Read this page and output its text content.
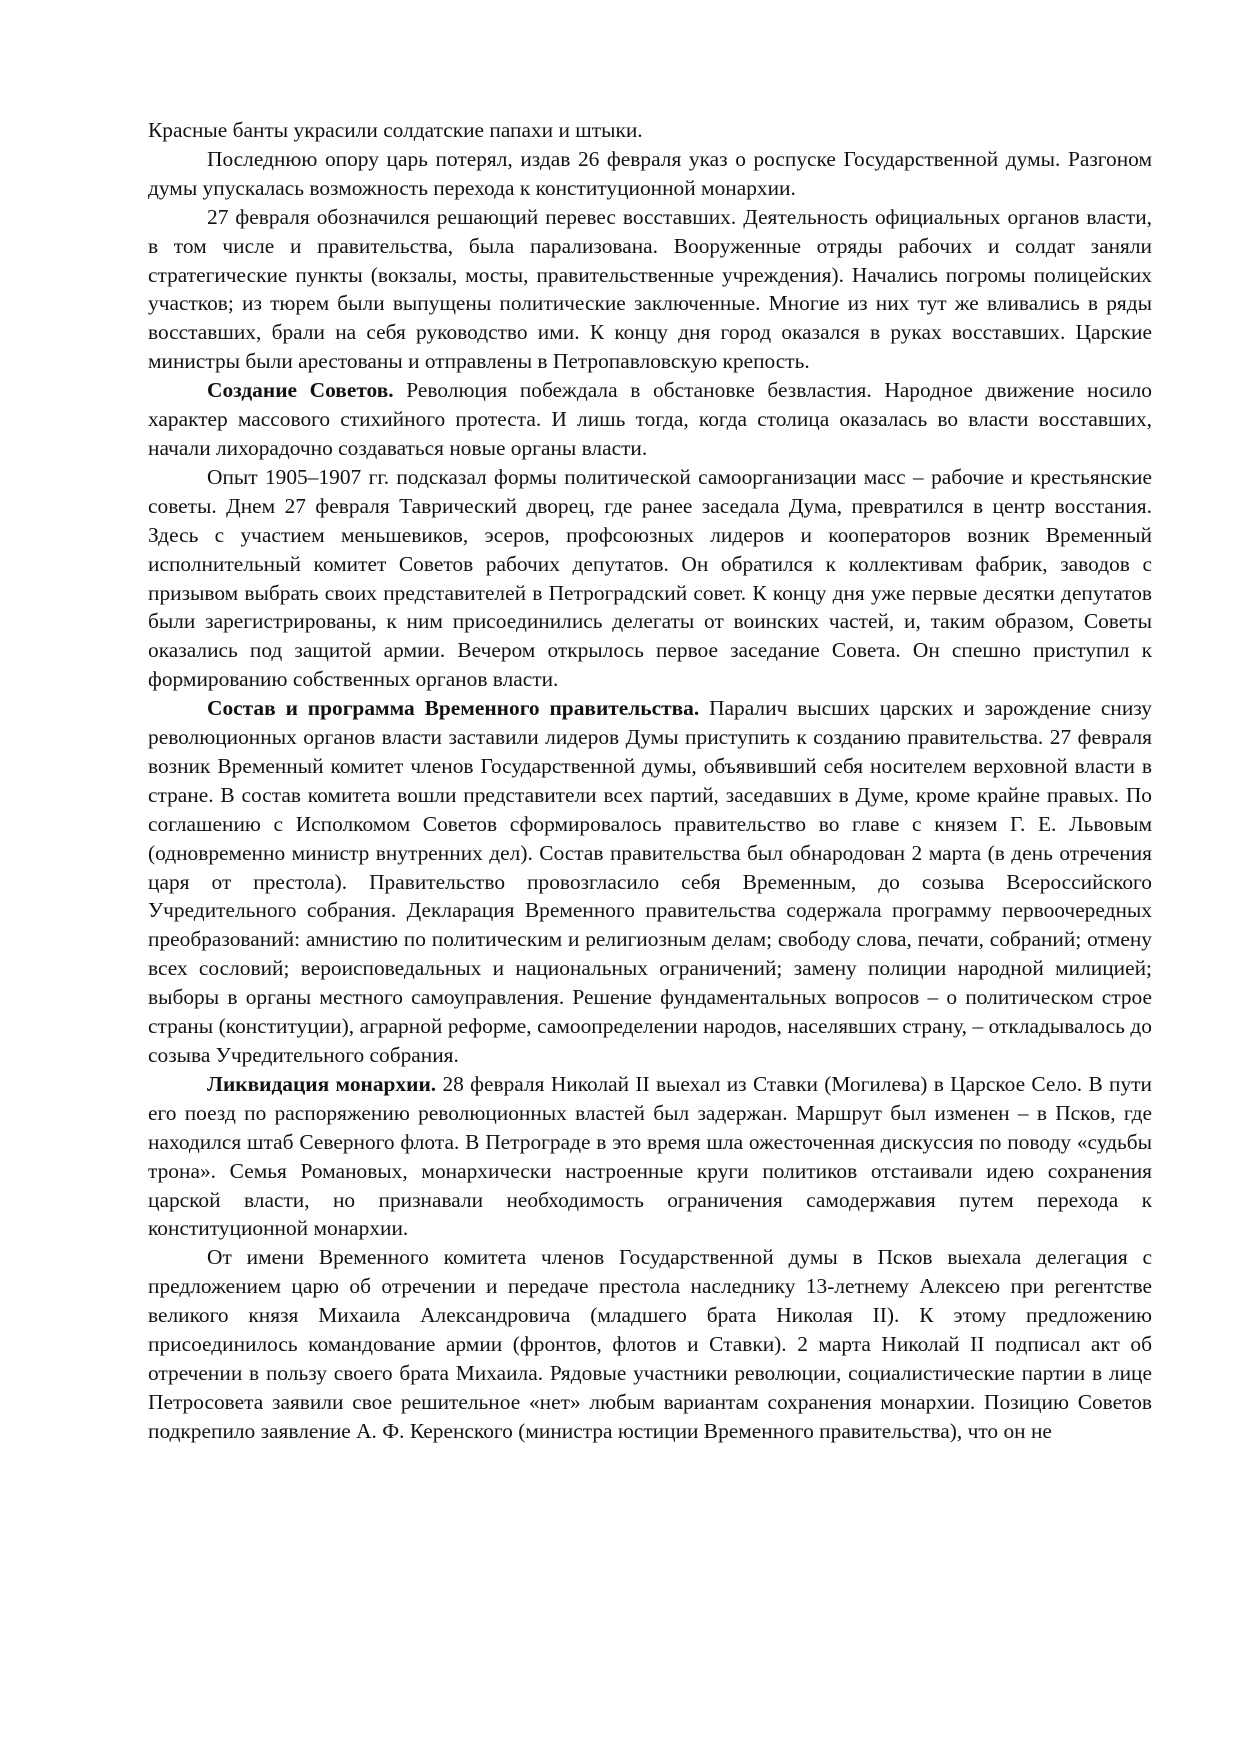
Красные банты украсили солдатские папахи и штыки.

Последнюю опору царь потерял, издав 26 февраля указ о роспуске Государственной думы. Разгоном думы упускалась возможность перехода к конституционной монархии.

27 февраля обозначился решающий перевес восставших. Деятельность официальных органов власти, в том числе и правительства, была парализована. Вооруженные отряды рабочих и солдат заняли стратегические пункты (вокзалы, мосты, правительственные учреждения). Начались погромы полицейских участков; из тюрем были выпущены политические заключенные. Многие из них тут же вливались в ряды восставших, брали на себя руководство ими. К концу дня город оказался в руках восставших. Царские министры были арестованы и отправлены в Петропавловскую крепость.

Создание Советов. Революция побеждала в обстановке безвластия. Народное движение носило характер массового стихийного протеста. И лишь тогда, когда столица оказалась во власти восставших, начали лихорадочно создаваться новые органы власти.

Опыт 1905–1907 гг. подсказал формы политической самоорганизации масс – рабочие и крестьянские советы. Днем 27 февраля Таврический дворец, где ранее заседала Дума, превратился в центр восстания. Здесь с участием меньшевиков, эсеров, профсоюзных лидеров и кооператоров возник Временный исполнительный комитет Советов рабочих депутатов. Он обратился к коллективам фабрик, заводов с призывом выбрать своих представителей в Петроградский совет. К концу дня уже первые десятки депутатов были зарегистрированы, к ним присоединились делегаты от воинских частей, и, таким образом, Советы оказались под защитой армии. Вечером открылось первое заседание Совета. Он спешно приступил к формированию собственных органов власти.

Состав и программа Временного правительства. Паралич высших царских и зарождение снизу революционных органов власти заставили лидеров Думы приступить к созданию правительства. 27 февраля возник Временный комитет членов Государственной думы, объявивший себя носителем верховной власти в стране. В состав комитета вошли представители всех партий, заседавших в Думе, кроме крайне правых. По соглашению с Исполкомом Советов сформировалось правительство во главе с князем Г. Е. Львовым (одновременно министр внутренних дел). Состав правительства был обнародован 2 марта (в день отречения царя от престола). Правительство провозгласило себя Временным, до созыва Всероссийского Учредительного собрания. Декларация Временного правительства содержала программу первоочередных преобразований: амнистию по политическим и религиозным делам; свободу слова, печати, собраний; отмену всех сословий; вероисповедальных и национальных ограничений; замену полиции народной милицией; выборы в органы местного самоуправления. Решение фундаментальных вопросов – о политическом строе страны (конституции), аграрной реформе, самоопределении народов, населявших страну, – откладывалось до созыва Учредительного собрания.

Ликвидация монархии. 28 февраля Николай II выехал из Ставки (Могилева) в Царское Село. В пути его поезд по распоряжению революционных властей был задержан. Маршрут был изменен – в Псков, где находился штаб Северного флота. В Петрограде в это время шла ожесточенная дискуссия по поводу «судьбы трона». Семья Романовых, монархически настроенные круги политиков отстаивали идею сохранения царской власти, но признавали необходимость ограничения самодержавия путем перехода к конституционной монархии.

От имени Временного комитета членов Государственной думы в Псков выехала делегация с предложением царю об отречении и передаче престола наследнику 13-летнему Алексею при регентстве великого князя Михаила Александровича (младшего брата Николая II). К этому предложению присоединилось командование армии (фронтов, флотов и Ставки). 2 марта Николай II подписал акт об отречении в пользу своего брата Михаила. Рядовые участники революции, социалистические партии в лице Петросовета заявили свое решительное «нет» любым вариантам сохранения монархии. Позицию Советов подкрепило заявление А. Ф. Керенского (министра юстиции Временного правительства), что он не
